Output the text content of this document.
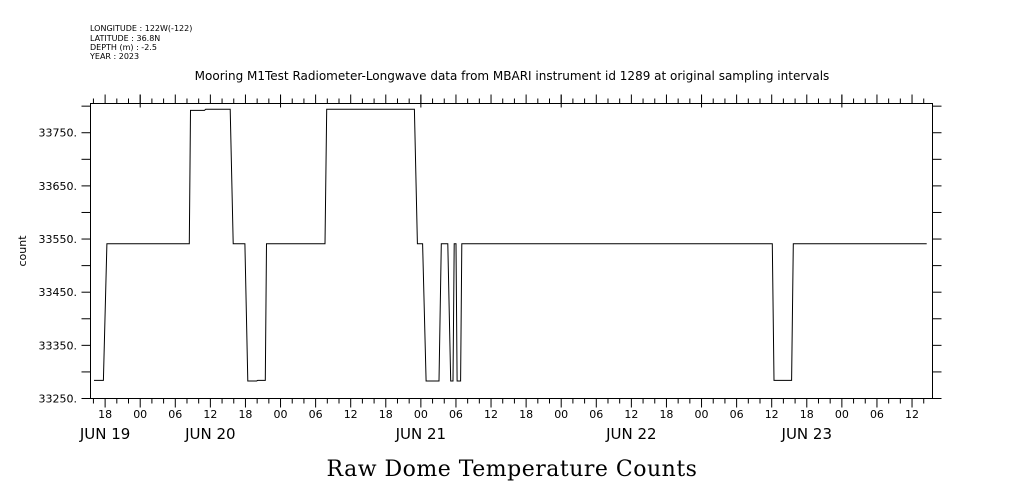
LONGITUDE : 122W(-122)
LATITUDE : 36.8N
DEPTH (m) : -2.5
YEAR : 2023
Mooring M1Test Radiometer-Longwave data from MBARI instrument id 1289 at original sampling intervals
count
33250.
33350.
33450.
33550.
33650.
33750.
18 00 06 12 18 00 06 12 18 00 06 12 18 00 06 12 18 00 06 12 18 00 06 12
JUN 19	JUN 20	JUN 21	JUN 22	JUN 23
Raw Dome Temperature Counts
